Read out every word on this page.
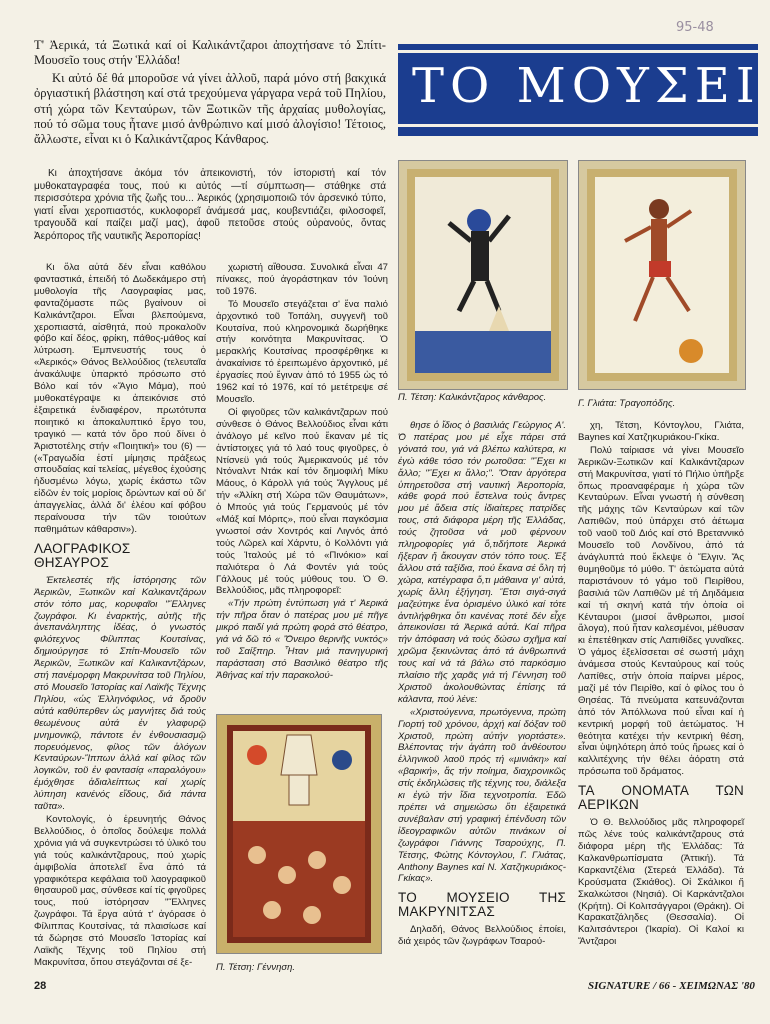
95-48
ΤΟ ΜΟΥΣΕΙ

Τ' Ἀερικά, τά Ξωτικά καί οἱ Καλικάντζαροι ἀποχτήσανε τό Σπίτι-Μουσεῖο τους στήν Ἑλλάδα!

Κι αὐτό δέ θά μποροῦσε νά γίνει ἀλλοῦ, παρά μόνο στή βακχικά ὀργιαστική βλάστηση καί στά τρεχούμενα γάργαρα νερά τοῦ Πηλίου, στή χώρα τῶν Κενταύρων, τῶν Ξωτικῶν τῆς ἀρχαίας μυθολογίας, πού τό σῶμα τους ἦτανε μισό ἀνθρώπινο καί μισό ἀλογίσιο! Τέτοιος, ἄλλωστε, εἶναι κι ὁ Καλικάντζαρος Κάνθαρος.

Κι ἀποχτήσανε ἀκόμα τόν ἀπεικονιστή, τόν ἱστοριστή καί τόν μυθοκαταγραφέα τους, πού κι αὐτός —τί σύμπτωση— στάθηκε στά περισσότερα χρόνια τῆς ζωῆς του... Ἀερικός (χρησιμοποιῶ τόν ἀρσενικό τύπο, γιατί εἶναι χεροπιαστός, κυκλοφορεῖ ἀνάμεσά μας, κουβεντιάζει, φιλοσοφεῖ, τραγουδᾶ καί παίζει μαζί μας), ἀφοῦ πετοῦσε στούς οὐρανούς, ὄντας Ἀερόπορος τῆς ναυτικῆς Ἀεροπορίας!

Κι ὅλα αὐτά δέν εἶναι καθόλου φανταστικά, ἐπειδή τό Δωδεκάμερο στή μυθολογία τῆς Λαογραφίας μας, φανταζόμαστε πῶς βγαίνουν οἱ Καλικάντζαροι. Εἶναι βλεπούμενα, χεροπιαστά, αἰσθητά, πού προκαλοῦν φόβο καί δέος, φρίκη, πάθος-μάθος καί λύτρωση. Ἐμπνευστής τους ὁ «Ἀερικός» Θάνος Βελλούδιος (τελευταῖα ἀνακάλυψε ὑπαρκτό πρόσωπο στό Βόλο καί τόν «Ἅγιο Μάμα), πού μυθοκατέγραψε κι ἀπεικόνισε στό ἐξαιρετικά ἐνδιαφέρον, πρωτότυπα ποιητικό κι ἀποκαλυπτικό ἔργο του, τραγικό — κατά τόν ὅρο πού δίνει ὁ Ἀριστοτέλης στήν «Ποιητική» του (6) — («Τραγωδία ἐστί μίμησις πράξεως σπουδαίας καί τελείας, μέγεθος ἐχούσης ἡδυσμένω λόγω, χωρίς ἑκάστω τῶν εἰδῶν ἐν τοίς μορίοις δρώντων καί οὐ δι' ἀπαγγελίας, ἀλλά δι' ἐλέου καί φόβου περαίνουσα τήν τῶν τοιούτων παθημάτων κάθαρσιν»).

ΛΑΟΓΡΑΦΙΚΟΣ ΘΗΣΑΥΡΟΣ

Ἐκτελεστές τῆς ἱστόρησης τῶν Ἀερικῶν, Ξωτικῶν καί Καλικαντζάρων στόν τόπο μας, κορυφαῖοι "Ἕλληνες ζωγράφοι. Κι ἐναρκτής, αὐτῆς τῆς ἀνεπανάληπτης ἰδέας, ὁ γνωστός φιλότεχνος Φίλιππας Κουτσίνας, δημιούργησε τό Σπίτι-Μουσεῖο τῶν Ἀερικῶν, Ξωτικῶν καί Καλικαντζάρων, στή πανέμορφη Μακρυνίτσα τοῦ Πηλίου, στό Μουσεῖο Ἱστορίας καί Λαϊκῆς Τέχνης Πηλίου, «ὡς Ἑλληνόφιλος, νά δροῦν αὐτά καθύπερθεν ὡς μαγνήτες διά τούς θεωμένους αὐτά ἐν γλαφυρῷ μνημονικῷ, πάντοτε ἐν ἐνθουσιασμῷ πορευόμενος, φίλος τῶν ἀλόγων Κενταύρων-Ἵππων ἀλλά καί φίλος τῶν λογικῶν, τοῦ ἐν φαντασίᾳ «παραλόγου» ἐμόχθησε ἀδιαλείπτως καί χωρίς λύπηση κανένός εἴδους, διά πάντα ταῦτα».

Κοντολογίς, ὁ ἐρευνητής Θάνος Βελλούδιος, ὁ ὁποῖος δούλεψε πολλά χρόνια γιά νά συγκεντρώσει τό ὑλικό του γιά τούς καλικάντζαρους, πού χωρίς ἀμφιβολία ἀποτελεῖ ἕνα ἀπό τά γραφικότερα κεφάλαια τοῦ λαογραφικοῦ θησαυροῦ μας, σύνθεσε καί τίς φιγοῦρες τους, πού ἱστόρησαν "Ἕλληνες ζωγράφοι. Τά ἔργα αὐτά τ' ἀγόρασε ὁ Φίλιππας Κουτσίνας, τά πλαισίωσε καί τά δώρησε στό Μουσεῖο Ἱστορίας καί Λαϊκῆς Τέχνης τοῦ Πηλίου στή Μακρυνίτσα, ὅπου στεγάζονται σέ ξε-

χωριστή αἴθουσα. Συνολικά εἶναι 47 πίνακες, πού ἀγοράστηκαν τόν Ἰούνη τοῦ 1976.

Τό Μουσεῖο στεγάζεται σ' ἕνα παλιό ἀρχοντικό τοῦ Τοπάλη, συγγενῆ τοῦ Κουτσίνα, πού κληρονομικά δωρήθηκε στήν κοινότητα Μακρυνίτσας. Ὁ μερακλής Κουτσίνας προσφέρθηκε κι ἀνακαίνισε τό ἐρειπωμένο ἀρχοντικό, μέ ἐργασίες πού ἔγιναν ἀπό τό 1955 ὡς τό 1962 καί τό 1976, καί τό μετέτρεψε σέ Μουσεῖο.

Οἱ φιγοῦρες τῶν καλικάντζαρων πού σύνθεσε ὁ Θάνος Βελλούδιος εἶναι κάτι ἀνάλογο μέ κεῖνο πού ἔκαναν μέ τίς ἀντίστοιχες γιά τό λαό τους φιγοῦρες, ὁ Ντίσνεϋ γιά τούς Ἀμερικανούς μέ τόν Ντόναλντ Ντάκ καί τόν δημοφιλή Μίκυ Μάους, ὁ Κάρολλ γιά τούς Ἄγγλους μέ τήν «Ἀλίκη στή Χώρα τῶν Θαυμάτων», ὁ Μπούς γιά τούς Γερμανούς μέ τόν «Μάξ καί Μόριτς», πού εἶναι παγκόσμια γνωστοί σάν Χοντρός καί Λιγνός ἀπό τούς Λῶρελ καί Χάρντυ, ὁ Κολλόντι γιά τούς Ἰταλούς μέ τό «Πινόκιο» καί παλιότερα ὁ Λά Φοντέν γιά τούς Γάλλους μέ τούς μύθους του. Ὁ Θ. Βελλούδιος, μᾶς πληροφορεῖ:

«Τήν πρώτη ἐντύπωση γιά τ' Ἀερικά τήν πῆρα ὅταν ὁ πατέρας μου μέ πῆγε μικρό παιδί γιά πρώτη φορά στό θέατρο, γιά νά δῶ τό « Ὄνειρο θερινῆς νυκτός» τοῦ Σαίξπηρ. Ἦταν μιά πανηγυρική παράσταση στό Βασιλικό θέατρο τῆς Ἀθήνας καί τήν παρακολού-

Π. Τέτση: Γέννηση.
Π. Τέτση: Καλικάντζαρος κάνθαρος.
Γ. Γλιάτα: Τραγοπόδης.

θησε ὁ ἴδιος ὁ βασιλιάς Γεώργιος Α'. Ὁ πατέρας μου μέ εἶχε πάρει στά γόνατά του, γιά νά βλέπω καλύτερα, κι ἐγώ κάθε τόσο τόν ρωτοῦσα: "Ἔχει κι ἄλλο; "Ἔχει κι ἄλλο;". Ὅταν ἀργότερα ὑπηρετοῦσα στή ναυτική Ἀεροπορία, κάθε φορά πού ἔστελνα τούς ἄντρες μου μέ ἄδεια στίς ἰδιαίτερες πατρίδες τους, στά διάφορα μέρη τῆς Ἑλλάδας, τούς ζητοῦσα νά μοῦ φέρνουν πληροφορίες γιά ὅ,τιδήποτε Ἀερικά ἤξεραν ἤ ἄκουγαν στόν τόπο τους. Ἐξ ἄλλου στά ταξίδια, πού ἔκανα σέ ὅλη τή χώρα, κατέγραφα ὅ,τι μάθαινα γι' αὐτά, χωρίς ἄλλη ἐξήγηση. Ἔτσι σιγά-σιγά μαζεύτηκε ἕνα ὁρισμένο ὑλικό καί τότε ἀντιλήφθηκα ὅτι κανένας ποτέ δέν εἶχε ἀπεικονίσει τά Ἀερικά αὐτά. Καί πῆρα τήν ἀπόφαση νά τούς δώσω σχῆμα καί χρῶμα ξεκινώντας ἀπό τά ἀνθρωπινά τους καί νά τά βάλω στό παρκόσμιο πλαίσιο τῆς χαρᾶς γιά τή Γέννηση τοῦ Χριστοῦ ἀκολουθώντας ἐπίσης τά κάλαντα, πού λένε:

«Χριστούγεννα, πρωτόγεννα, πρώτη Γιορτή τοῦ χρόνου, ἀρχή καί δόξαν τοῦ Χριστοῦ, πρώτη αὐτήν γιορτάστε». Βλέποντας τήν ἀγάπη τοῦ ἀνθέουτου ἑλληνικοῦ λαοῦ πρός τή «μινιάκη» καί «βαρική», ἄς τήν ποίημα, διαχρονικῶς στίς ἐκδηλώσεις τῆς τέχνης του, διάλεξα κι ἐγώ τήν ἴδια τεχνοτροπία. Ἐδῶ πρέπει νά σημειώσω ὅτι ἐξαιρετικά συνέβαλαν στή γραφική ἐπένδυση τῶν ἰδεογραφικῶν αὐτῶν πινάκων οἱ ζωγράφοι Γιάννης Τσαρούχης, Π. Τέτσης, Φώτης Κόντογλου, Γ. Γλιάτας, Anthony Baynes καί Ν. Χατζηκυριάκος-Γκίκας».

ΤΟ ΜΟΥΣΕΙΟ ΤΗΣ ΜΑΚΡΥΝΙΤΣΑΣ

Δηλαδή, Θάνος Βελλούδιος ἐποίει, διά χειρός τῶν ζωγράφων Τσαρού-

χη, Τέτση, Κόντογλου, Γλιάτα, Baynes καί Χατζηκυριάκου-Γκίκα.

Πολύ ταίριασε νά γίνει Μουσεῖο Ἀερικῶν-Ξωτικῶν καί Καλικάντζαρων στή Μακρυνίτσα, γιατί τό Πήλιο ὑπῆρξε ὅπως προαναφέραμε ἡ χώρα τῶν Κενταύρων. Εἶναι γνωστή ἡ σύνθεση τῆς μάχης τῶν Κενταύρων καί τῶν Λαπιθῶν, πού ὑπάρχει στό ἀέτωμα τοῦ ναοῦ τοῦ Διός καί στό Βρεταννικό Μουσεῖο τοῦ Λονδίνου, ἀπό τά ἀνάγλυπτά πού ἔκλεψε ὁ Ἔλγιν. Ἄς θυμηθοῦμε τό μύθο. Τ' ἀετώματα αὐτά παριστάνουν τό γάμο τοῦ Πειρίθου, βασιλιά τῶν Λαπιθῶν μέ τή Δηιδάμεια καί τή σκηνή κατά τήν ὁποία οἱ Κένταυροι (μισοί ἄνθρωποι, μισοί ἄλογα), πού ἦταν καλεσμένοι, μέθυσαν κι ἐπετέθηκαν στίς Λαπιθίδες γυναῖκες. Ὁ γάμος ἐξελίσσεται σέ σωστή μάχη ἀνάμεσα στούς Κενταύρους καί τούς Λαπίθες, στήν ὁποία παίρνει μέρος, μαζί μέ τόν Πειρίθο, καί ὁ φίλος του ὁ Θησέας. Τά πνεύματα κατευνάζονται ἀπό τόν Ἀπόλλωνα πού εἶναι καί ἡ κεντρική μορφή τοῦ ἀετώματος. Ἡ θεότητα κατέχει τήν κεντρική θέση, εἶναι ὑψηλότερη ἀπό τούς ἥρωες καί ὁ καλλιτέχνης τήν θέλει ἀόρατη στά πρόσωπα τοῦ δράματος.

ΤΑ ΟΝΟΜΑΤΑ ΤΩΝ ΑΕΡΙΚΩΝ

Ὁ Θ. Βελλούδιος μᾶς πληροφορεῖ πῶς λένε τούς καλικάντζαρους στά διάφορα μέρη τῆς Ἑλλάδας: Τά Καλκανθρωπίσματα (Ἀττική). Τά Καρκαντζέλια (Στερεά Ἑλλάδα). Τά Κρούσματα (Σκιάθος). Οἱ Σκάλικοι ἤ Σκαλκώτσοι (Νησιά). Οἱ Καρκάντζαλοι (Κρήτη). Οἱ Κολιτσάγγαροι (Θράκη). Οἱ Καρακατζάληδες (Θεσσαλία). Οἱ Καλιτσάντεροι (Ἰκαρία). Οἱ Καλοί κι Ἄντζαροι

28	SIGNATURE / 66 - ΧΕΙΜΩΝΑΣ '80
